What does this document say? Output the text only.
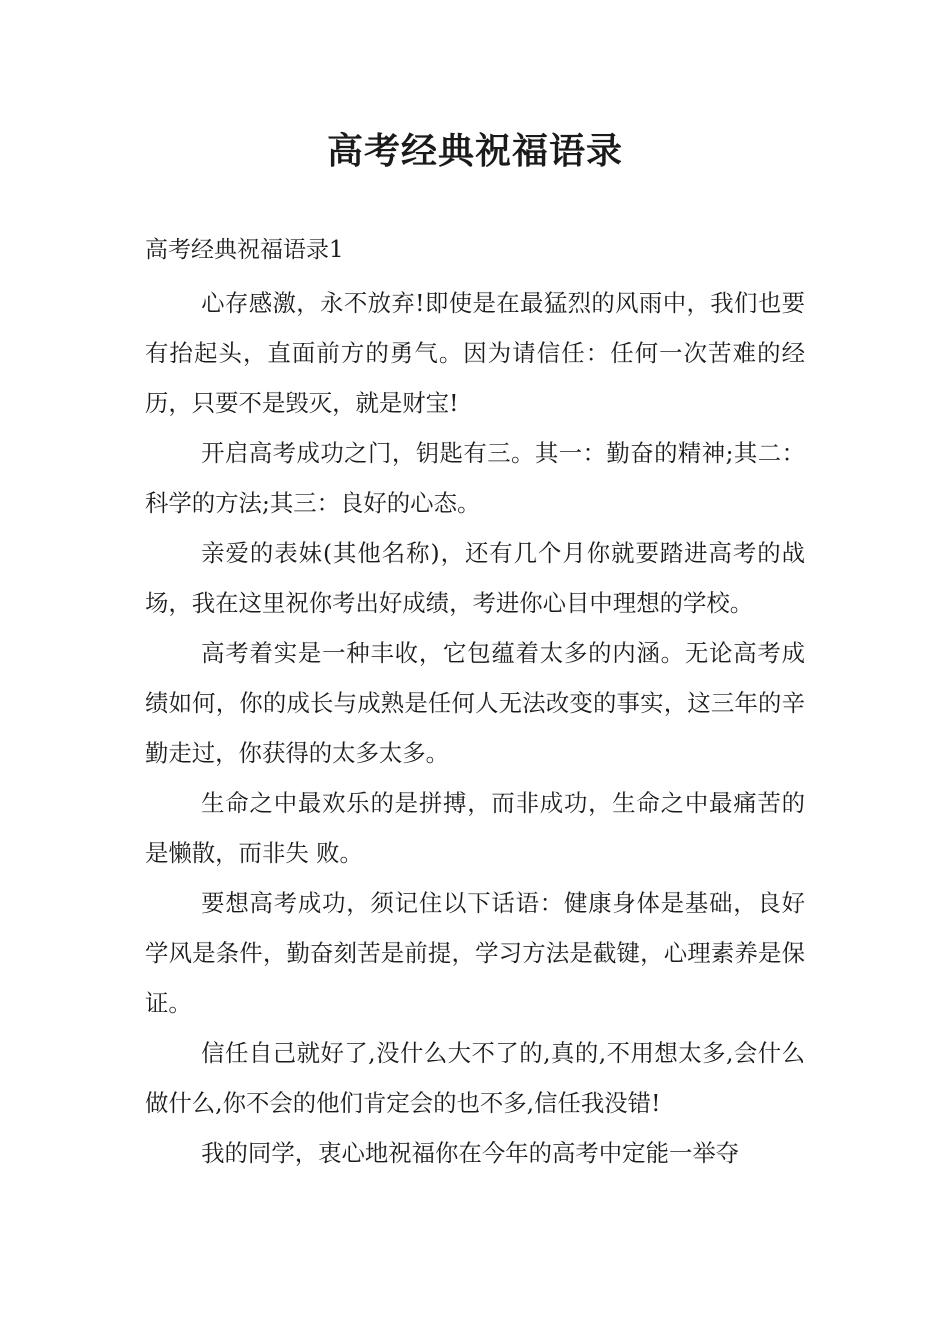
高考经典祝福语录
高考经典祝福语录1

心存感激，永不放弃!即使是在最猛烈的风雨中，我们也要有抬起头，直面前方的勇气。因为请信任：任何一次苦难的经历，只要不是毁灭，就是财宝!

开启高考成功之门，钥匙有三。其一：勤奋的精神;其二：科学的方法;其三：良好的心态。

亲爱的表妹(其他名称)，还有几个月你就要踏进高考的战场，我在这里祝你考出好成绩，考进你心目中理想的学校。

高考着实是一种丰收，它包蕴着太多的内涵。无论高考成绩如何，你的成长与成熟是任何人无法改变的事实，这三年的辛勤走过，你获得的太多太多。

生命之中最欢乐的是拼搏，而非成功，生命之中最痛苦的是懒散，而非失 败。

要想高考成功，须记住以下话语：健康身体是基础，良好学风是条件，勤奋刻苦是前提，学习方法是截键，心理素养是保证。

信任自己就好了,没什么大不了的,真的,不用想太多,会什么做什么,你不会的他们肯定会的也不多,信任我没错!

我的同学，衷心地祝福你在今年的高考中定能一举夺
